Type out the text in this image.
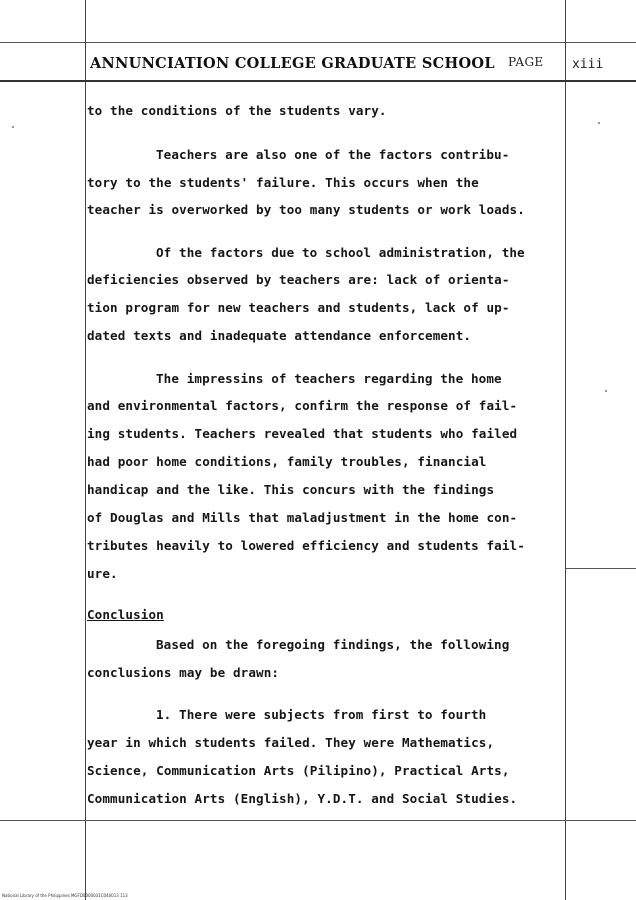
ANNUNCIATION COLLEGE GRADUATE SCHOOL PAGE xiii
to the conditions of the students vary.
Teachers are also one of the factors contribu-
tory to the students' failure. This occurs when the
teacher is overworked by too many students or work loads.
Of the factors due to school administration, the
deficiencies observed by teachers are: lack of orienta-
tion program for new teachers and students, lack of up-
dated texts and inadequate attendance enforcement.
The impressins of teachers regarding the home
and environmental factors, confirm the response of fail-
ing students. Teachers revealed that students who failed
had poor home conditions, family troubles, financial
handicap and the like. This concurs with the findings
of Douglas and Mills that maladjustment in the home con-
tributes heavily to lowered efficiency and students fail-
ure.
Conclusion
Based on the foregoing findings, the following
conclusions may be drawn:
1. There were subjects from first to fourth
year in which students failed. They were Mathematics,
Science, Communication Arts (Pilipino), Practical Arts,
Communication Arts (English), Y.D.T. and Social Studies.
National Library of the Philippines MGFD0000031C040013 113
